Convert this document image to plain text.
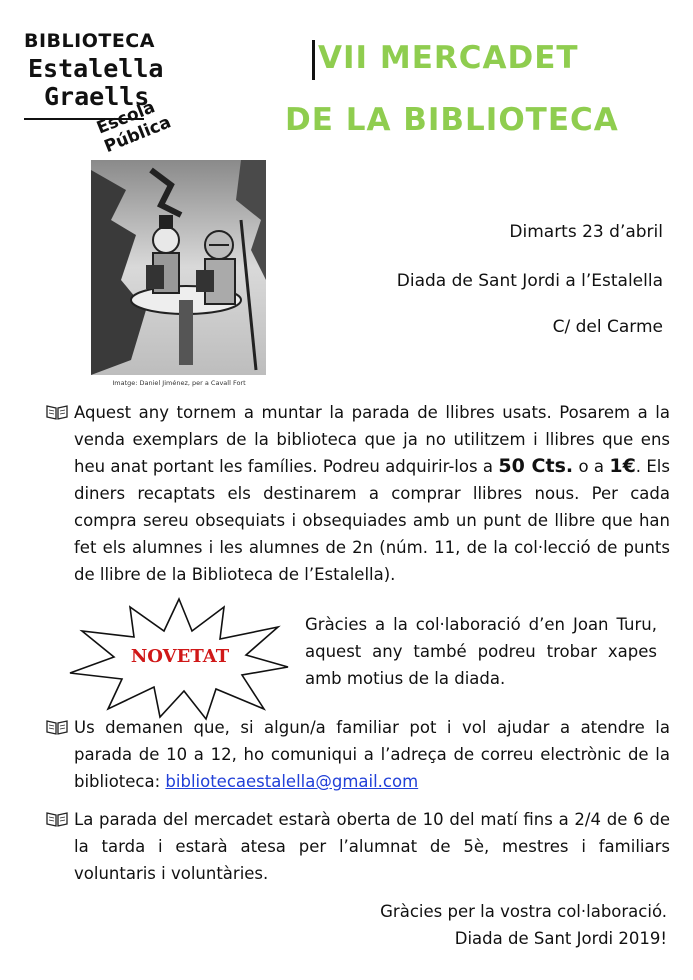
BIBLIOTECA
Estalella
Graells
Escola Pública
VII MERCADET
DE LA BIBLIOTECA
Imatge: Daniel Jiménez, per a Cavall Fort
Dimarts 23 d’abril
Diada de Sant Jordi a l’Estalella
C/ del Carme
Aquest any tornem a muntar la parada de llibres usats. Posarem a la venda exemplars de la biblioteca que ja no utilitzem i llibres que ens heu anat portant les famílies. Podreu adquirir-los a 50 Cts. o a 1€. Els diners recaptats els destinarem a comprar llibres nous. Per cada compra sereu obsequiats i obsequiades amb un punt de llibre que han fet els alumnes i les alumnes de 2n (núm. 11, de la col·lecció de punts de llibre de la Biblioteca de l’Estalella).
NOVETAT
Gràcies a la col·laboració d’en Joan Turu, aquest any també podreu trobar xapes amb motius de la diada.
Us demanen que, si algun/a familiar pot i vol ajudar a atendre la parada de 10 a 12, ho comuniqui a l’adreça de correu electrònic de la biblioteca: bibliotecaestalella@gmail.com
La parada del mercadet estarà oberta de 10 del matí fins a 2/4 de 6 de la tarda i estarà atesa per l’alumnat de 5è, mestres i familiars voluntaris i voluntàries.
Gràcies per la vostra col·laboració.
Diada de Sant Jordi 2019!
